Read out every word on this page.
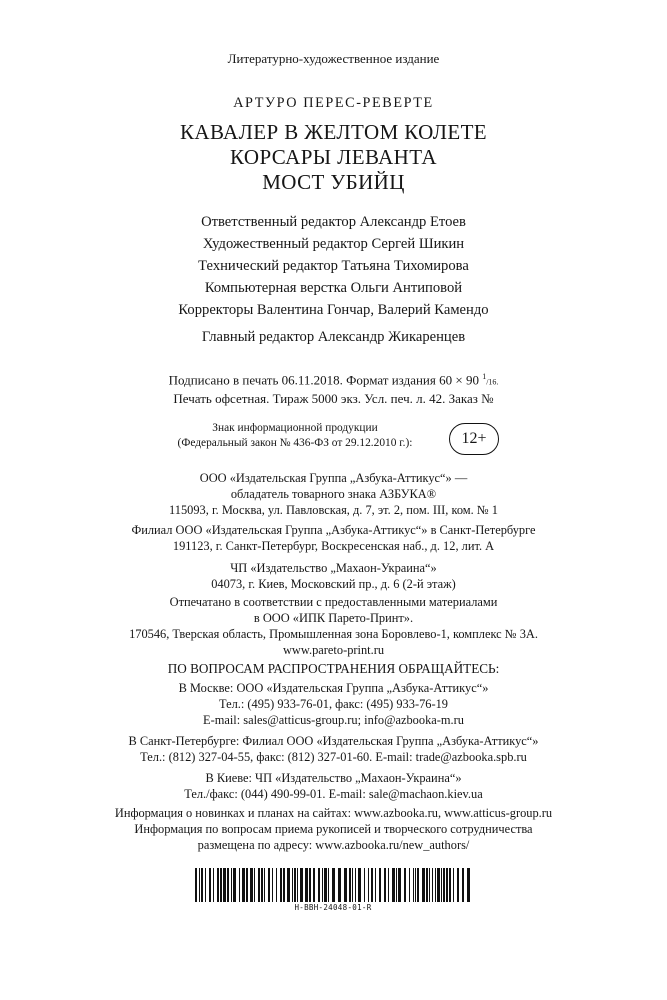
Литературно-художественное издание
АРТУРО ПЕРЕС-РЕВЕРТЕ
КАВАЛЕР В ЖЕЛТОМ КОЛЕТЕ
КОРСАРЫ ЛЕВАНТА
МОСТ УБИЙЦ
Ответственный редактор Александр Етоев
Художественный редактор Сергей Шикин
Технический редактор Татьяна Тихомирова
Компьютерная верстка Ольги Антиповой
Корректоры Валентина Гончар, Валерий Камендо
Главный редактор Александр Жикаренцев
Подписано в печать 06.11.2018. Формат издания 60 × 90 $^1$/16.
Печать офсетная. Тираж 5000 экз. Усл. печ. л. 42. Заказ №
Знак информационной продукции
(Федеральный закон № 436-ФЗ от 29.12.2010 г.):	12+
ООО «Издательская Группа „Азбука-Аттикус“» —
обладатель товарного знака АЗБУКА®
115093, г. Москва, ул. Павловская, д. 7, эт. 2, пом. III, ком. № 1
Филиал ООО «Издательская Группа „Азбука-Аттикус“» в Санкт-Петербурге
191123, г. Санкт-Петербург, Воскресенская наб., д. 12, лит. А
ЧП «Издательство „Махаон-Украина“»
04073, г. Киев, Московский пр., д. 6 (2-й этаж)
Отпечатано в соответствии с предоставленными материалами
в ООО «ИПК Парето-Принт».
170546, Тверская область, Промышленная зона Боровлево-1, комплекс № 3А.
www.pareto-print.ru
ПО ВОПРОСАМ РАСПРОСТРАНЕНИЯ ОБРАЩАЙТЕСЬ:
В Москве: ООО «Издательская Группа „Азбука-Аттикус“»
Тел.: (495) 933-76-01, факс: (495) 933-76-19
E-mail: sales@atticus-group.ru; info@azbooka-m.ru
В Санкт-Петербурге: Филиал ООО «Издательская Группа „Азбука-Аттикус“»
Тел.: (812) 327-04-55, факс: (812) 327-01-60. E-mail: trade@azbooka.spb.ru
В Киеве: ЧП «Издательство „Махаон-Украина“»
Тел./факс: (044) 490-99-01. E-mail: sale@machaon.kiev.ua
Информация о новинках и планах на сайтах: www.azbooka.ru, www.atticus-group.ru
Информация по вопросам приема рукописей и творческого сотрудничества
размещена по адресу: www.azbooka.ru/new_authors/
Н-ВВН-24048-01-R
